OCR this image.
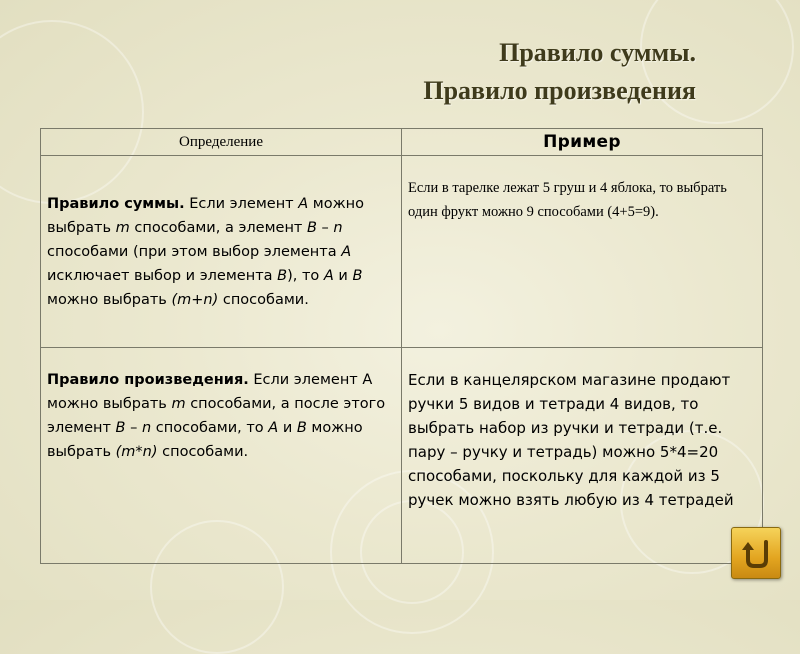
Правило суммы.
Правило произведения
Определение	Пример
Правило суммы. Если элемент А можно выбрать m способами, а элемент В – n способами (при этом выбор элемента А исключает выбор и элемента В), то А и В можно выбрать (m+n) способами.	Если в тарелке лежат 5 груш и 4 яблока, то выбрать один фрукт можно 9 способами (4+5=9).
Правило произведения. Если элемент А можно выбрать m способами, а после этого элемент В – n способами, то А и В можно выбрать (m*n) способами.	Если в канцелярском магазине продают ручки 5 видов и тетради 4 видов, то выбрать набор из ручки и тетради (т.е. пару – ручку и тетрадь) можно 5*4=20 способами, поскольку для каждой из 5 ручек можно взять любую из 4 тетрадей
